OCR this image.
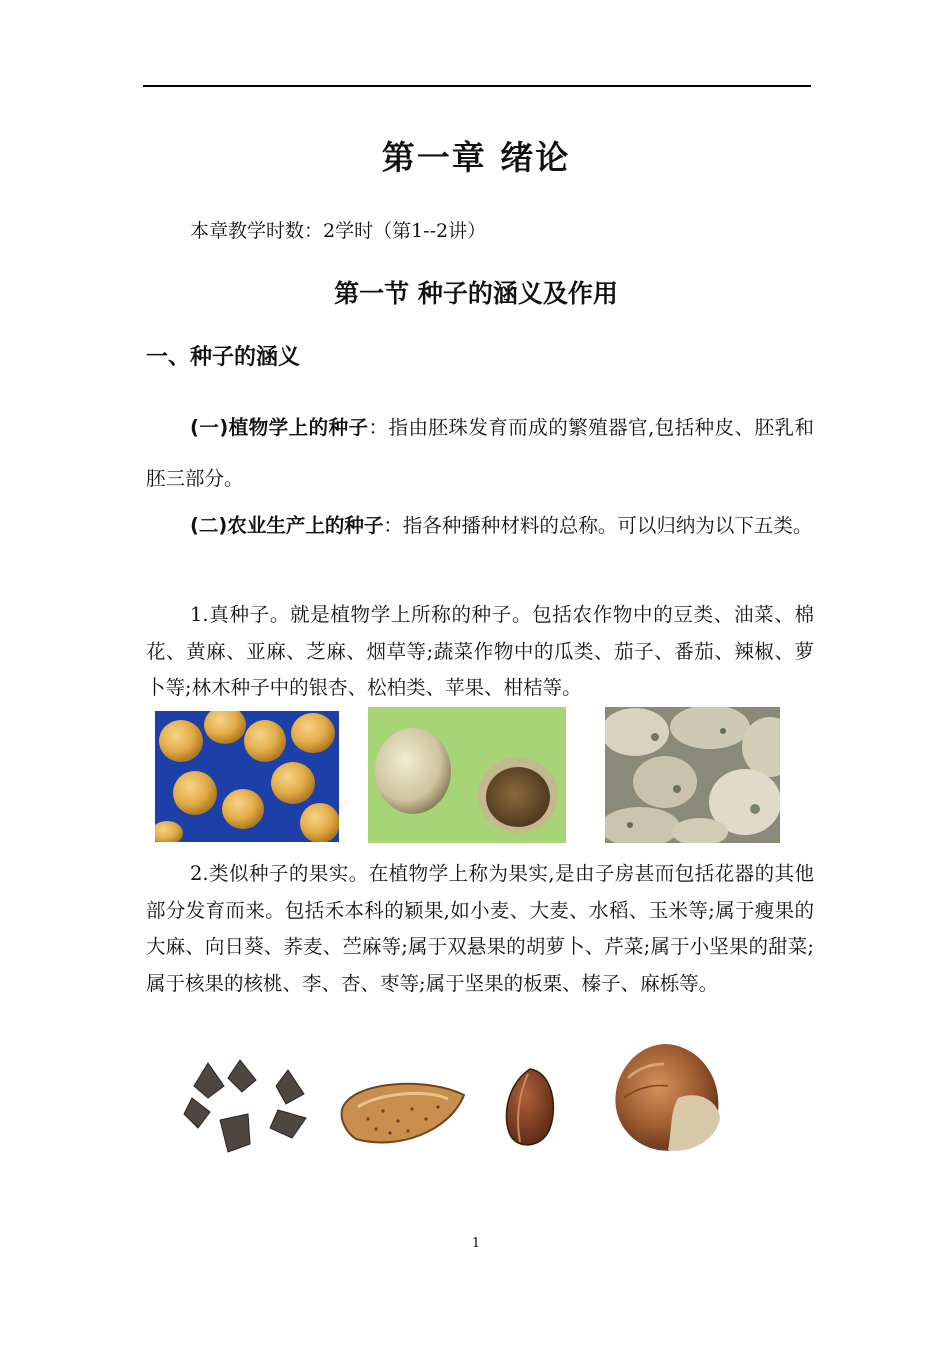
第一章 绪论
本章教学时数：2学时（第1--2讲）
第一节 种子的涵义及作用
一、种子的涵义
(一)植物学上的种子：指由胚珠发育而成的繁殖器官,包括种皮、胚乳和胚三部分。
(二)农业生产上的种子：指各种播种材料的总称。可以归纳为以下五类。
1.真种子。就是植物学上所称的种子。包括农作物中的豆类、油菜、棉花、黄麻、亚麻、芝麻、烟草等;蔬菜作物中的瓜类、茄子、番茄、辣椒、萝卜等;林木种子中的银杏、松柏类、苹果、柑桔等。
2.类似种子的果实。在植物学上称为果实,是由子房甚而包括花器的其他部分发育而来。包括禾本科的颖果,如小麦、大麦、水稻、玉米等;属于瘦果的大麻、向日葵、荞麦、苎麻等;属于双悬果的胡萝卜、芹菜;属于小坚果的甜菜;属于核果的核桃、李、杏、枣等;属于坚果的板栗、榛子、麻栎等。
1
